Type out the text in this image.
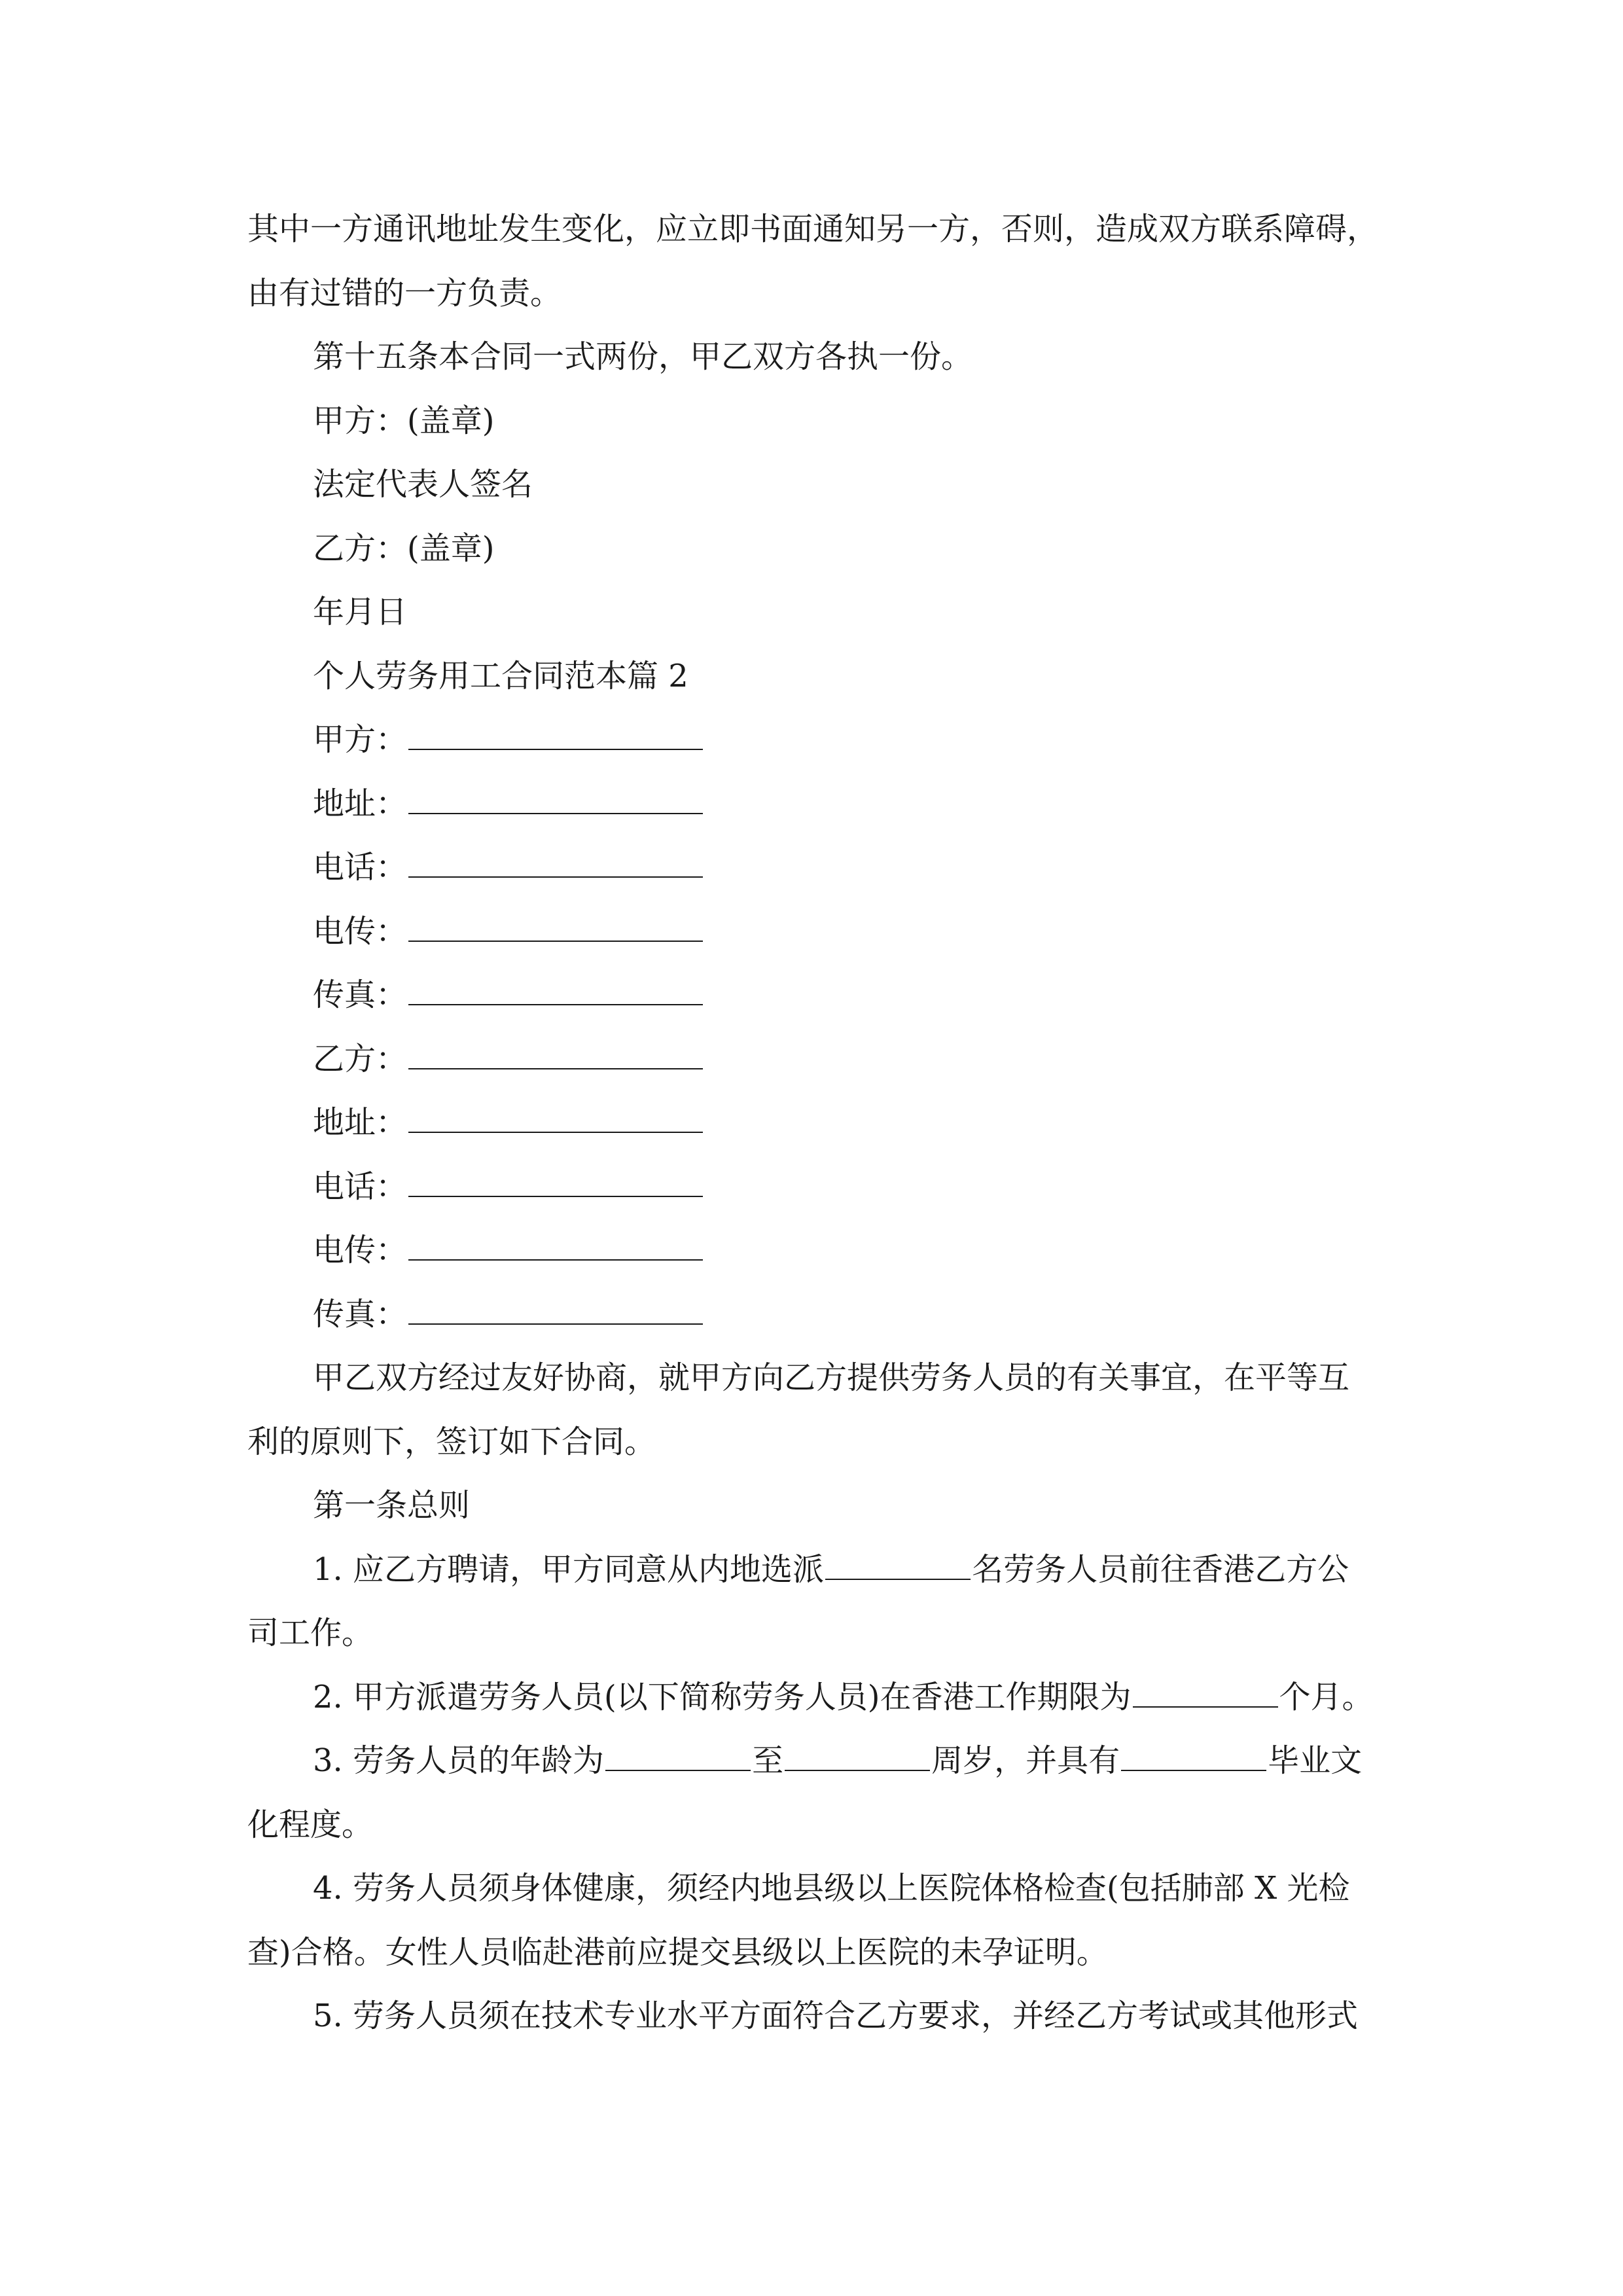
其中一方通讯地址发生变化，应立即书面通知另一方，否则，造成双方联系障碍，
由有过错的一方负责。
第十五条本合同一式两份，甲乙双方各执一份。
甲方：(盖章)
法定代表人签名
乙方：(盖章)
年月日
个人劳务用工合同范本篇 2
甲方：
地址：
电话：
电传：
传真：
乙方：
地址：
电话：
电传：
传真：
甲乙双方经过友好协商，就甲方向乙方提供劳务人员的有关事宜，在平等互
利的原则下，签订如下合同。
第一条总则
1. 应乙方聘请，甲方同意从内地选派	名劳务人员前往香港乙方公
司工作。
2. 甲方派遣劳务人员(以下简称劳务人员)在香港工作期限为	个月。
3. 劳务人员的年龄为	至	周岁，并具有	毕业文
化程度。
4. 劳务人员须身体健康，须经内地县级以上医院体格检查(包括肺部 X 光检
查)合格。女性人员临赴港前应提交县级以上医院的未孕证明。
5. 劳务人员须在技术专业水平方面符合乙方要求，并经乙方考试或其他形式
